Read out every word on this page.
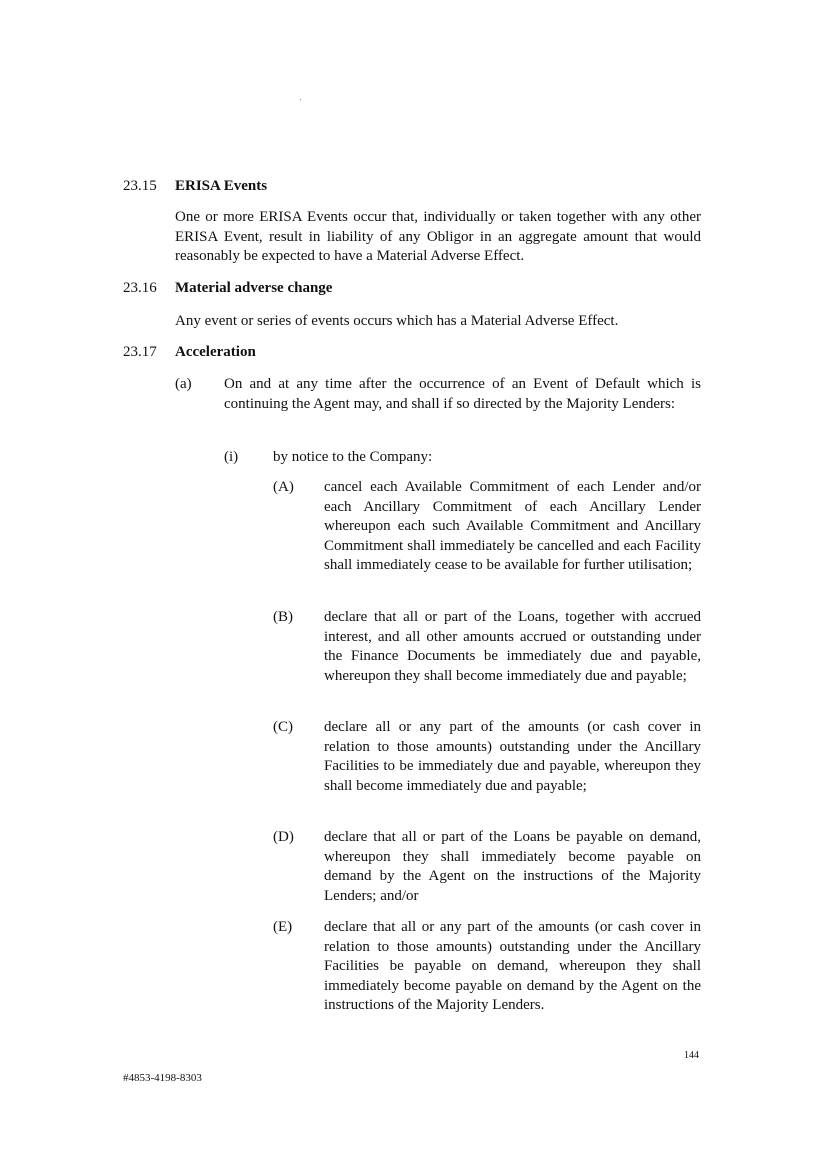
23.15 ERISA Events

One or more ERISA Events occur that, individually or taken together with any other ERISA Event, result in liability of any Obligor in an aggregate amount that would reasonably be expected to have a Material Adverse Effect.

23.16 Material adverse change

Any event or series of events occurs which has a Material Adverse Effect.

23.17 Acceleration
(a) On and at any time after the occurrence of an Event of Default which is continuing the Agent may, and shall if so directed by the Majority Lenders:

(i) by notice to the Company:
(A) cancel each Available Commitment of each Lender and/or each Ancillary Commitment of each Ancillary Lender whereupon each such Available Commitment and Ancillary Commitment shall immediately be cancelled and each Facility shall immediately cease to be available for further utilisation;

(B) declare that all or part of the Loans, together with accrued interest, and all other amounts accrued or outstanding under the Finance Documents be immediately due and payable, whereupon they shall become immediately due and payable;

(C) declare all or any part of the amounts (or cash cover in relation to those amounts) outstanding under the Ancillary Facilities to be immediately due and payable, whereupon they shall become immediately due and payable;

(D) declare that all or part of the Loans be payable on demand, whereupon they shall immediately become payable on demand by the Agent on the instructions of the Majority Lenders; and/or

(E) declare that all or any part of the amounts (or cash cover in relation to those amounts) outstanding under the Ancillary Facilities be payable on demand, whereupon they shall immediately become payable on demand by the Agent on the instructions of the Majority Lenders.

144
#4853-4198-8303
